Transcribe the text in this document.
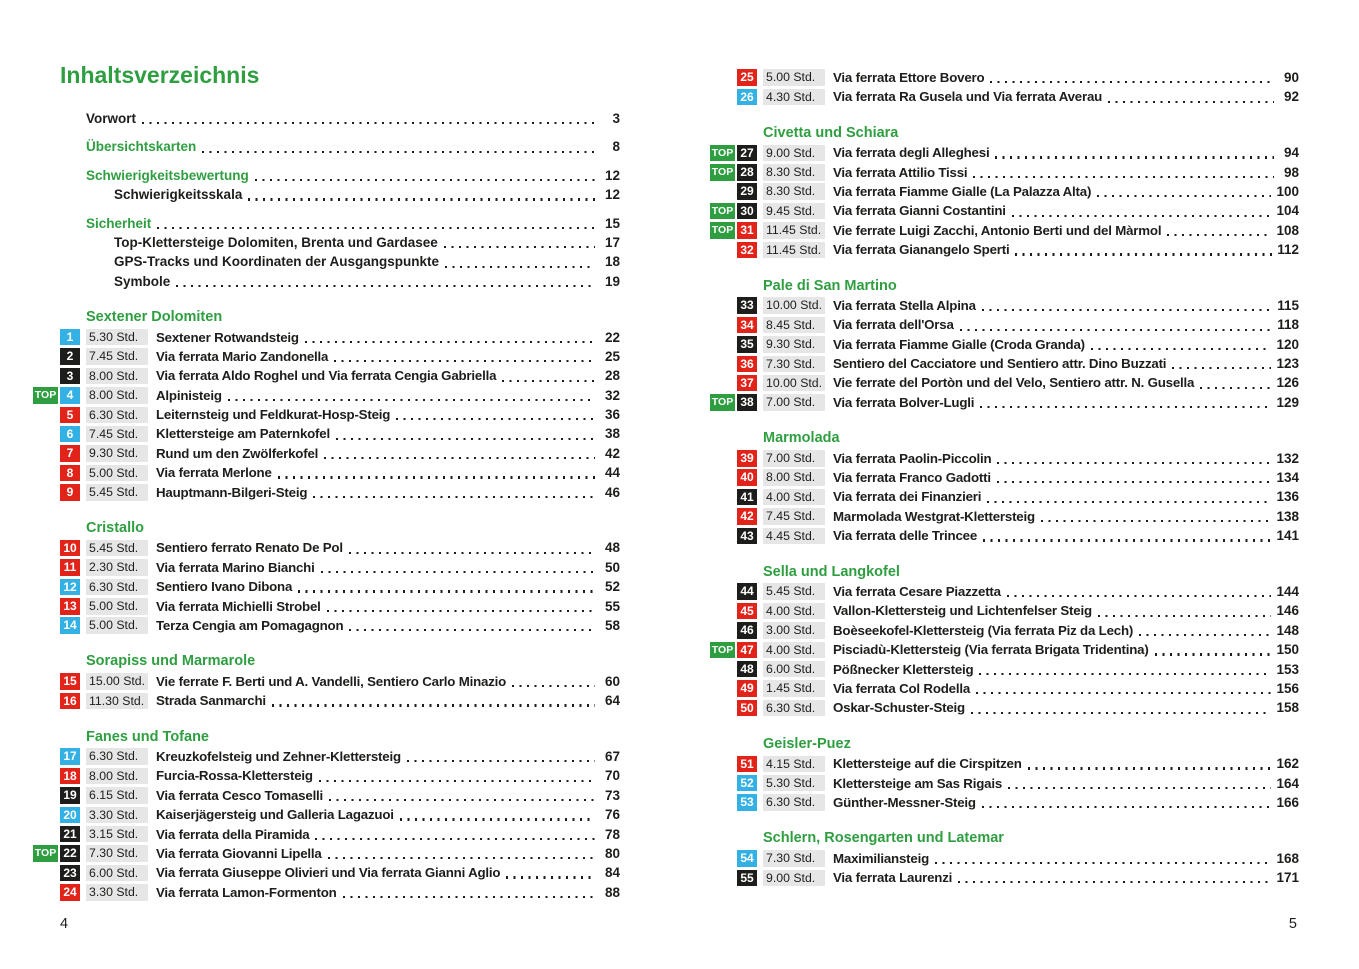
Inhaltsverzeichnis
Vorwort	3
Übersichtskarten	8
Schwierigkeitsbewertung	12
Schwierigkeitsskala	12
Sicherheit	15
Top-Klettersteige Dolomiten, Brenta und Gardasee	17
GPS-Tracks und Koordinaten der Ausgangspunkte	18
Symbole	19
Sextener Dolomiten
1	5.30 Std.	Sextener Rotwandsteig	22
2	7.45 Std.	Via ferrata Mario Zandonella	25
3	8.00 Std.	Via ferrata Aldo Roghel und Via ferrata Cengia Gabriella	28
TOP 4	8.00 Std.	Alpinisteig	32
5	6.30 Std.	Leiternsteig und Feldkurat-Hosp-Steig	36
6	7.45 Std.	Klettersteige am Paternkofel	38
7	9.30 Std.	Rund um den Zwölferkofel	42
8	5.00 Std.	Via ferrata Merlone	44
9	5.45 Std.	Hauptmann-Bilgeri-Steig	46
Cristallo
10 5.45 Std.	Sentiero ferrato Renato De Pol	48
11 2.30 Std.	Via ferrata Marino Bianchi	50
12 6.30 Std.	Sentiero Ivano Dibona	52
13 5.00 Std.	Via ferrata Michielli Strobel	55
14 5.00 Std.	Terza Cengia am Pomagagnon	58
Sorapiss und Marmarole
15 15.00 Std. Vie ferrate F. Berti und A. Vandelli, Sentiero Carlo Minazio	60
16 11.30 Std. Strada Sanmarchi	64
Fanes und Tofane
17 6.30 Std.	Kreuzkofelsteig und Zehner-Klettersteig	67
18 8.00 Std.	Furcia-Rossa-Klettersteig	70
19 6.15 Std.	Via ferrata Cesco Tomaselli	73
20 3.30 Std.	Kaiserjägersteig und Galleria Lagazuoi	76
21 3.15 Std.	Via ferrata della Piramida	78
TOP 22 7.30 Std.	Via ferrata Giovanni Lipella	80
23 6.00 Std.	Via ferrata Giuseppe Olivieri und Via ferrata Gianni Aglio	84
24 3.30 Std.	Via ferrata Lamon-Formenton	88
25 5.00 Std.	Via ferrata Ettore Bovero	90
26 4.30 Std.	Via ferrata Ra Gusela und Via ferrata Averau	92
Civetta und Schiara
TOP 27 9.00 Std.	Via ferrata degli Alleghesi	94
TOP 28 8.30 Std.	Via ferrata Attilio Tissi	98
29 8.30 Std.	Via ferrata Fiamme Gialle (La Palazza Alta)	100
TOP 30 9.45 Std.	Via ferrata Gianni Costantini	104
TOP 31 11.45 Std. Vie ferrate Luigi Zacchi, Antonio Berti und del Màrmol	108
32 11.45 Std. Via ferrata Gianangelo Sperti	112
Pale di San Martino
33 10.00 Std. Via ferrata Stella Alpina	115
34 8.45 Std.	Via ferrata dell'Orsa	118
35 9.30 Std.	Via ferrata Fiamme Gialle (Croda Granda)	120
36 7.30 Std.	Sentiero del Cacciatore und Sentiero attr. Dino Buzzati	123
37 10.00 Std. Vie ferrate del Portòn und del Velo, Sentiero attr. N. Gusella	126
TOP 38 7.00 Std.	Via ferrata Bolver-Lugli	129
Marmolada
39 7.00 Std.	Via ferrata Paolin-Piccolin	132
40 8.00 Std.	Via ferrata Franco Gadotti	134
41 4.00 Std.	Via ferrata dei Finanzieri	136
42 7.45 Std.	Marmolada Westgrat-Klettersteig	138
43 4.45 Std.	Via ferrata delle Trincee	141
Sella und Langkofel
44 5.45 Std.	Via ferrata Cesare Piazzetta	144
45 4.00 Std.	Vallon-Klettersteig und Lichtenfelser Steig	146
46 3.00 Std.	Boèseekofel-Klettersteig (Via ferrata Piz da Lech)	148
TOP 47 4.00 Std.	Pisciadù-Klettersteig (Via ferrata Brigata Tridentina)	150
48 6.00 Std.	Pößnecker Klettersteig	153
49 1.45 Std.	Via ferrata Col Rodella	156
50 6.30 Std.	Oskar-Schuster-Steig	158
Geisler-Puez
51 4.15 Std.	Klettersteige auf die Cirspitzen	162
52 5.30 Std.	Klettersteige am Sas Rigais	164
53 6.30 Std.	Günther-Messner-Steig	166
Schlern, Rosengarten und Latemar
54 7.30 Std.	Maximiliansteig	168
55 9.00 Std.	Via ferrata Laurenzi	171
4	5
